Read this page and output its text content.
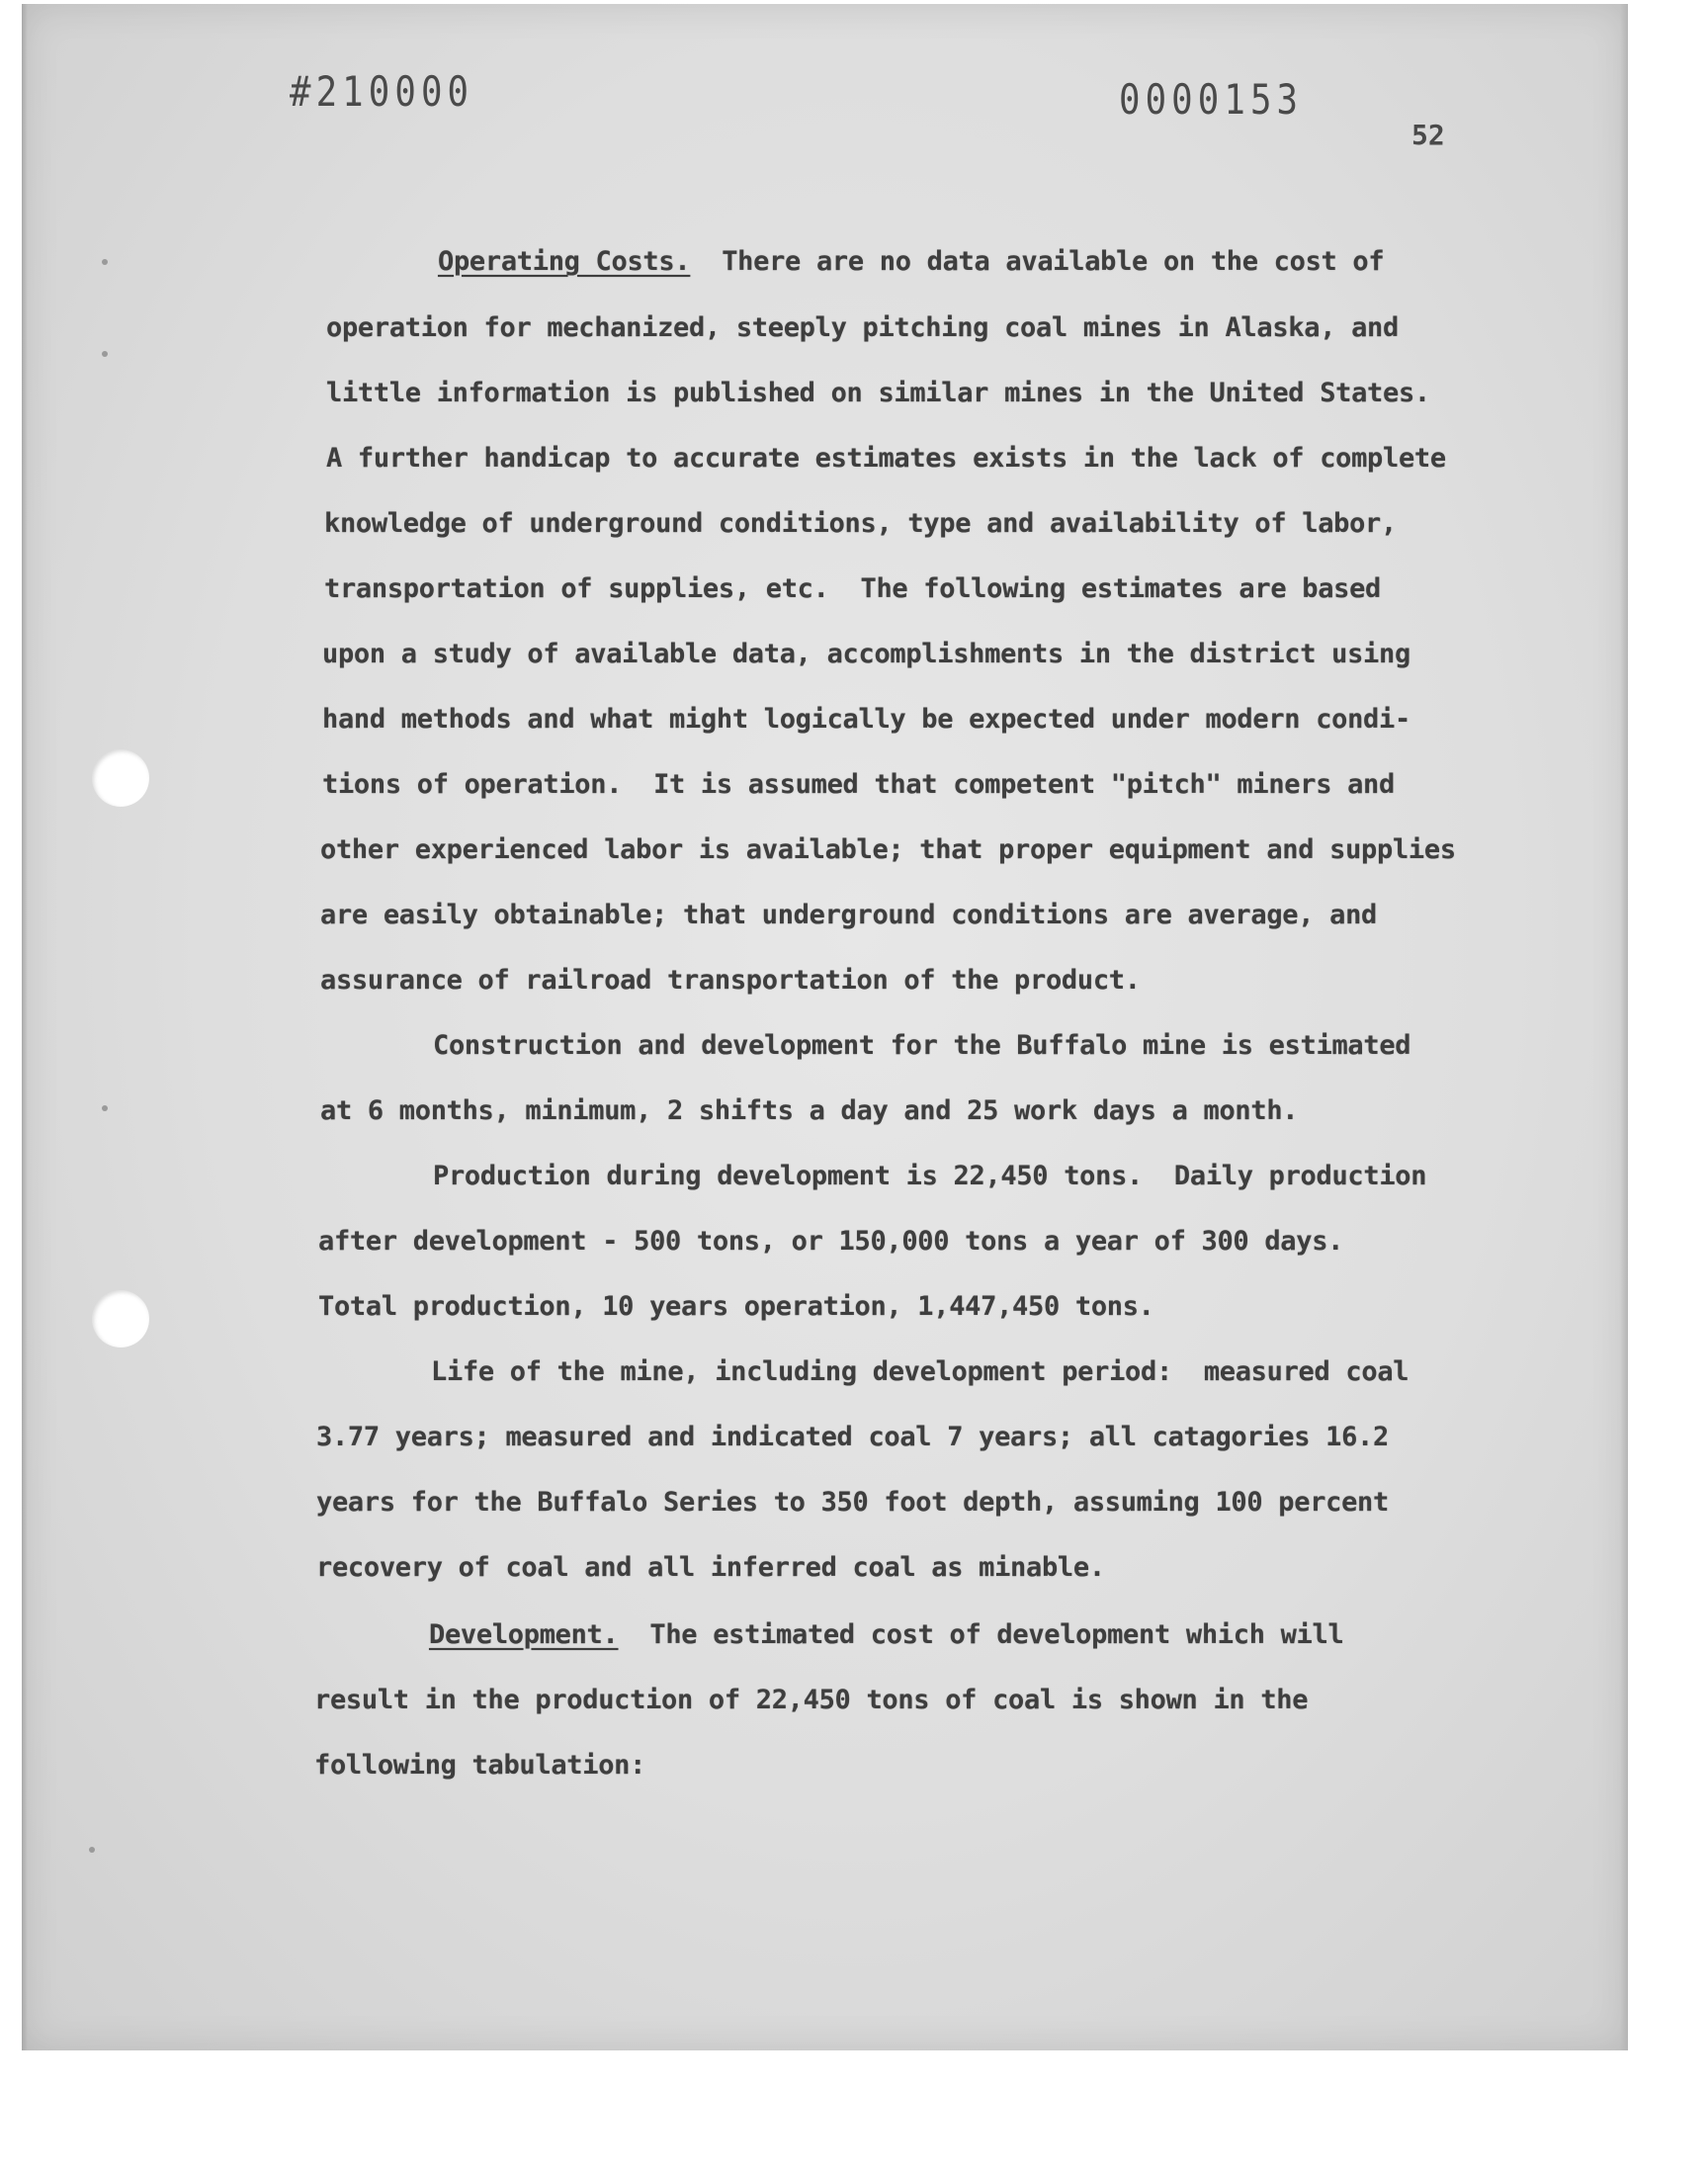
#210000	0000153
52
Operating Costs. There are no data available on the cost of
operation for mechanized, steeply pitching coal mines in Alaska, and
little information is published on similar mines in the United States.
A further handicap to accurate estimates exists in the lack of complete
knowledge of underground conditions, type and availability of labor,
transportation of supplies, etc.  The following estimates are based
upon a study of available data, accomplishments in the district using
hand methods and what might logically be expected under modern condi-
tions of operation.  It is assumed that competent "pitch" miners and
other experienced labor is available; that proper equipment and supplies
are easily obtainable; that underground conditions are average, and
assurance of railroad transportation of the product.
Construction and development for the Buffalo mine is estimated
at 6 months, minimum, 2 shifts a day and 25 work days a month.
Production during development is 22,450 tons.  Daily production
after development - 500 tons, or 150,000 tons a year of 300 days.
Total production, 10 years operation, 1,447,450 tons.
Life of the mine, including development period:  measured coal
3.77 years; measured and indicated coal 7 years; all catagories 16.2
years for the Buffalo Series to 350 foot depth, assuming 100 percent
recovery of coal and all inferred coal as minable.
Development. The estimated cost of development which will
result in the production of 22,450 tons of coal is shown in the
following tabulation:
